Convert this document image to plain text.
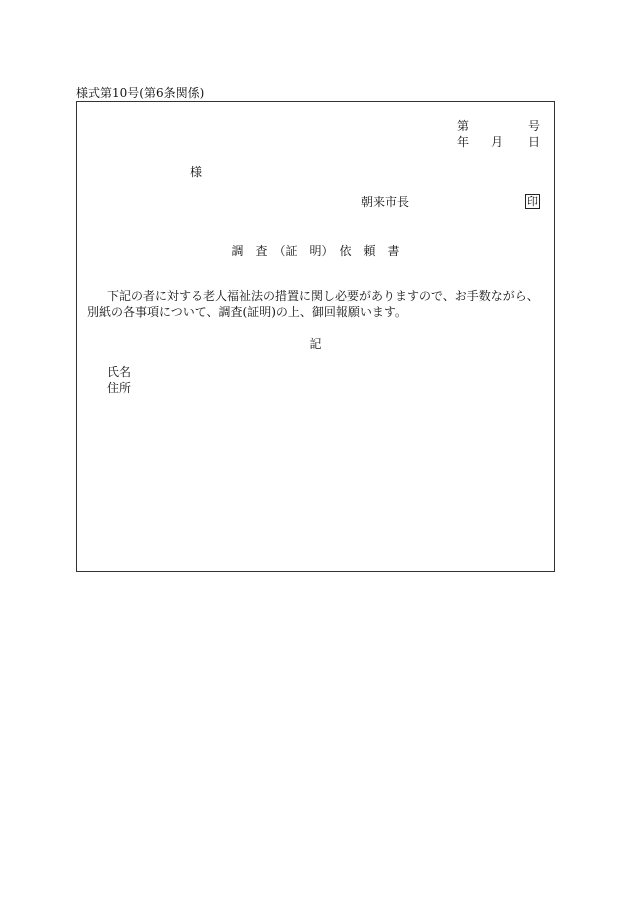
様式第10号(第6条関係)
第	号
年 月 日
様
朝来市長	印
調　査　（証　明）　依　頼　書
下記の者に対する老人福祉法の措置に関し必要がありますので、お手数ながら、
別紙の各事項について、調査(証明)の上、御回報願います。
記
氏名
住所
